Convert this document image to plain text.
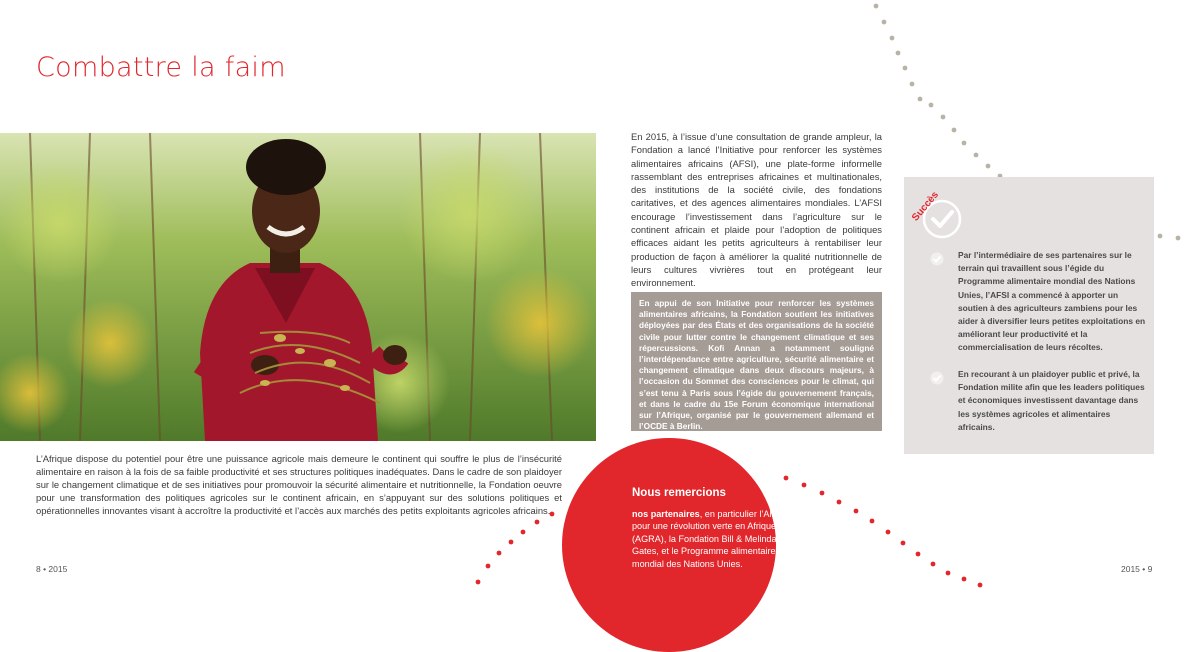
Combattre la faim

L’Afrique dispose du potentiel pour être une puissance agricole mais demeure le continent qui souffre le plus de l’insécurité alimentaire en raison à la fois de sa faible productivité et ses structures politiques inadéquates. Dans le cadre de son plaidoyer sur le changement climatique et de ses initiatives pour promouvoir la sécurité alimentaire et nutritionnelle, la Fondation oeuvre pour une transformation des politiques agricoles sur le continent africain, en s’appuyant sur des solutions politiques et opérationnelles innovantes visant à accroître la productivité et l’accès aux marchés des petits exploitants agricoles africains.

En 2015, à l’issue d’une consultation de grande ampleur, la Fondation a lancé l’Initiative pour renforcer les systèmes alimentaires africains (AFSI), une plate-forme informelle rassemblant des entreprises africaines et multinationales, des institutions de la société civile, des fondations caritatives, et des agences alimentaires mondiales. L’AFSI encourage l’investissement dans l’agriculture sur le continent africain et plaide pour l’adoption de politiques efficaces aidant les petits agriculteurs à rentabiliser leur production de façon à améliorer la qualité nutritionnelle de leurs cultures vivrières tout en protégeant leur environnement.

En appui de son Initiative pour renforcer les systèmes alimentaires africains, la Fondation soutient les initiatives déployées par des États et des organisations de la société civile pour lutter contre le changement climatique et ses répercussions. Kofi Annan a notamment souligné l’interdépendance entre agriculture, sécurité alimentaire et changement climatique dans deux discours majeurs, à l’occasion du Sommet des consciences pour le climat, qui s’est tenu à Paris sous l’égide du gouvernement français, et dans le cadre du 15e Forum économique international sur l’Afrique, organisé par le gouvernement allemand et l’OCDE à Berlin.

Succès

Par l’intermédiaire de ses partenaires sur le terrain qui travaillent sous l’égide du Programme alimentaire mondial des Nations Unies, l’AFSI a commencé à apporter un soutien à des agriculteurs zambiens pour les aider à diversifier leurs petites exploitations en améliorant leur productivité et la commercialisation de leurs récoltes.

En recourant à un plaidoyer public et privé, la Fondation milite afin que les leaders politiques et économiques investissent davantage dans les systèmes agricoles et alimentaires africains.

Nous remercions

nos partenaires, en particulier l’Alliance pour une révolution verte en Afrique (AGRA), la Fondation Bill & Melinda Gates, et le Programme alimentaire mondial des Nations Unies.

8 • 2015	2015 • 9
